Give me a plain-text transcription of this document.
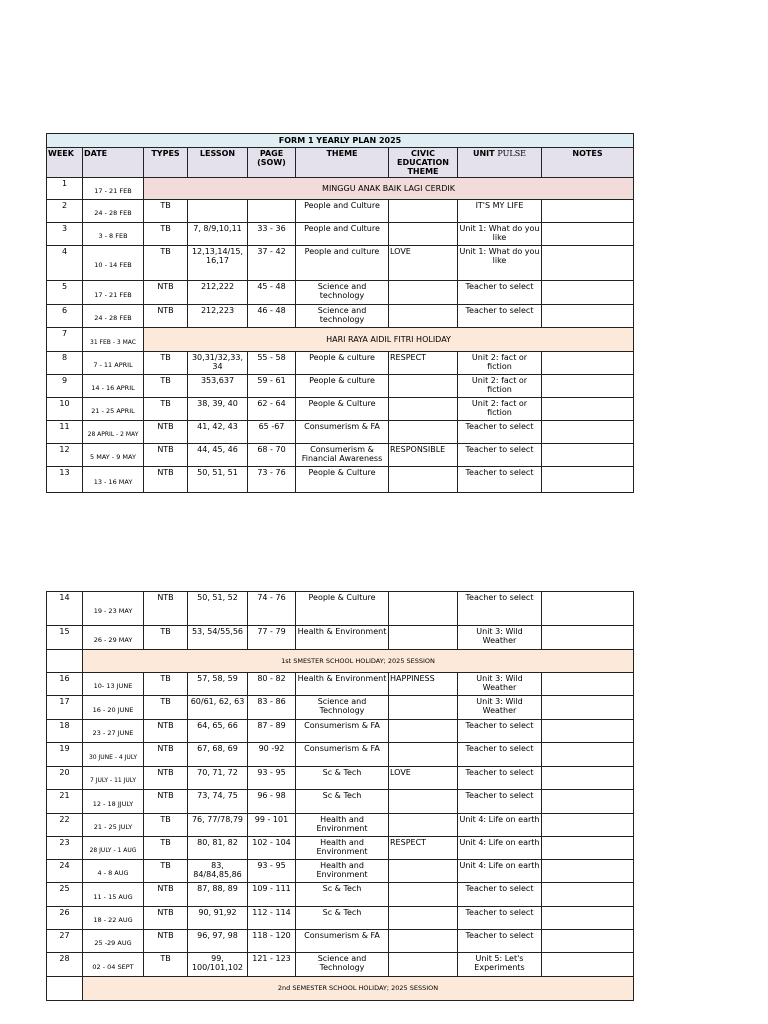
FORM 1 YEARLY PLAN 2025								
WEEK	DATE	TYPES	LESSON	PAGE (SOW)	THEME	CIVIC EDUCATION THEME	UNIT PULSE	NOTES
1	17 - 21 FEB	MINGGU ANAK BAIK LAGI CERDIK						
2	24 - 28 FEB	TB			People and Culture		IT'S MY LIFE	
3	3 - 8 FEB	TB	7, 8/9,10,11	33 - 36	People and Culture		Unit 1: What do you like	
4	10 - 14 FEB	TB	12,13,14/15, 16,17	37 - 42	People and culture	LOVE	Unit 1: What do you like	
5	17 - 21 FEB	NTB	212,222	45 - 48	Science and technology		Teacher to select	
6	24 - 28 FEB	NTB	212,223	46 - 48	Science and technology		Teacher to select	
7	31 FEB - 3 MAC	HARI RAYA AIDIL FITRI HOLIDAY						
8	7 - 11 APRIL	TB	30,31/32,33, 34	55 - 58	People & culture	RESPECT	Unit 2: fact or fiction	
9	14 - 16 APRIL	TB	353,637	59 - 61	People & culture		Unit 2: fact or fiction	
10	21 - 25 APRIL	TB	38, 39, 40	62 - 64	People & Culture		Unit 2: fact or fiction	
11	28 APRIL - 2 MAY	NTB	41, 42, 43	65 -67	Consumerism & FA		Teacher to select	
12	5 MAY - 9 MAY	NTB	44, 45, 46	68 - 70	Consumerism & Financial Awareness	RESPONSIBLE	Teacher to select	
13	13 - 16 MAY	NTB	50, 51, 51	73 - 76	People & Culture		Teacher to select	
14	19 - 23 MAY	NTB	50, 51, 52	74 - 76	People & Culture		Teacher to select	
15	26 - 29 MAY	TB	53, 54/55,56	77 - 79	Health & Environment		Unit 3: Wild Weather	
	1st SMESTER SCHOOL HOLIDAY; 2025 SESSION							
16	10- 13 JUNE	TB	57, 58, 59	80 - 82	Health & Environment	HAPPINESS	Unit 3: Wild Weather	
17	16 - 20 JUNE	TB	60/61, 62, 63	83 - 86	Science and Technology		Unit 3: Wild Weather	
18	23 - 27 JUNE	NTB	64, 65, 66	87 - 89	Consumerism & FA		Teacher to select	
19	30 JUNE - 4 JULY	NTB	67, 68, 69	90 -92	Consumerism & FA		Teacher to select	
20	7 JULY - 11 JULY	NTB	70, 71, 72	93 - 95	Sc & Tech	LOVE	Teacher to select	
21	12 - 18 JJULY	NTB	73, 74, 75	96 - 98	Sc & Tech		Teacher to select	
22	21 - 25 JULY	TB	76, 77/78,79	99 - 101	Health and Environment		Unit 4: Life on earth	
23	28 JULY - 1 AUG	TB	80, 81, 82	102 - 104	Health and Environment	RESPECT	Unit 4: Life on earth	
24	4 - 8 AUG	TB	83, 84/84,85,86	93 - 95	Health and Environment		Unit 4: Life on earth	
25	11 - 15 AUG	NTB	87, 88, 89	109 - 111	Sc & Tech		Teacher to select	
26	18 - 22 AUG	NTB	90, 91,92	112 - 114	Sc & Tech		Teacher to select	
27	25 -29 AUG	NTB	96, 97, 98	118 - 120	Consumerism & FA		Teacher to select	
28	02 - 04 SEPT	TB	99, 100/101,102	121 - 123	Science and Technology		Unit 5: Let's Experiments	
	2nd SEMESTER SCHOOL HOLIDAY; 2025 SESSION							
